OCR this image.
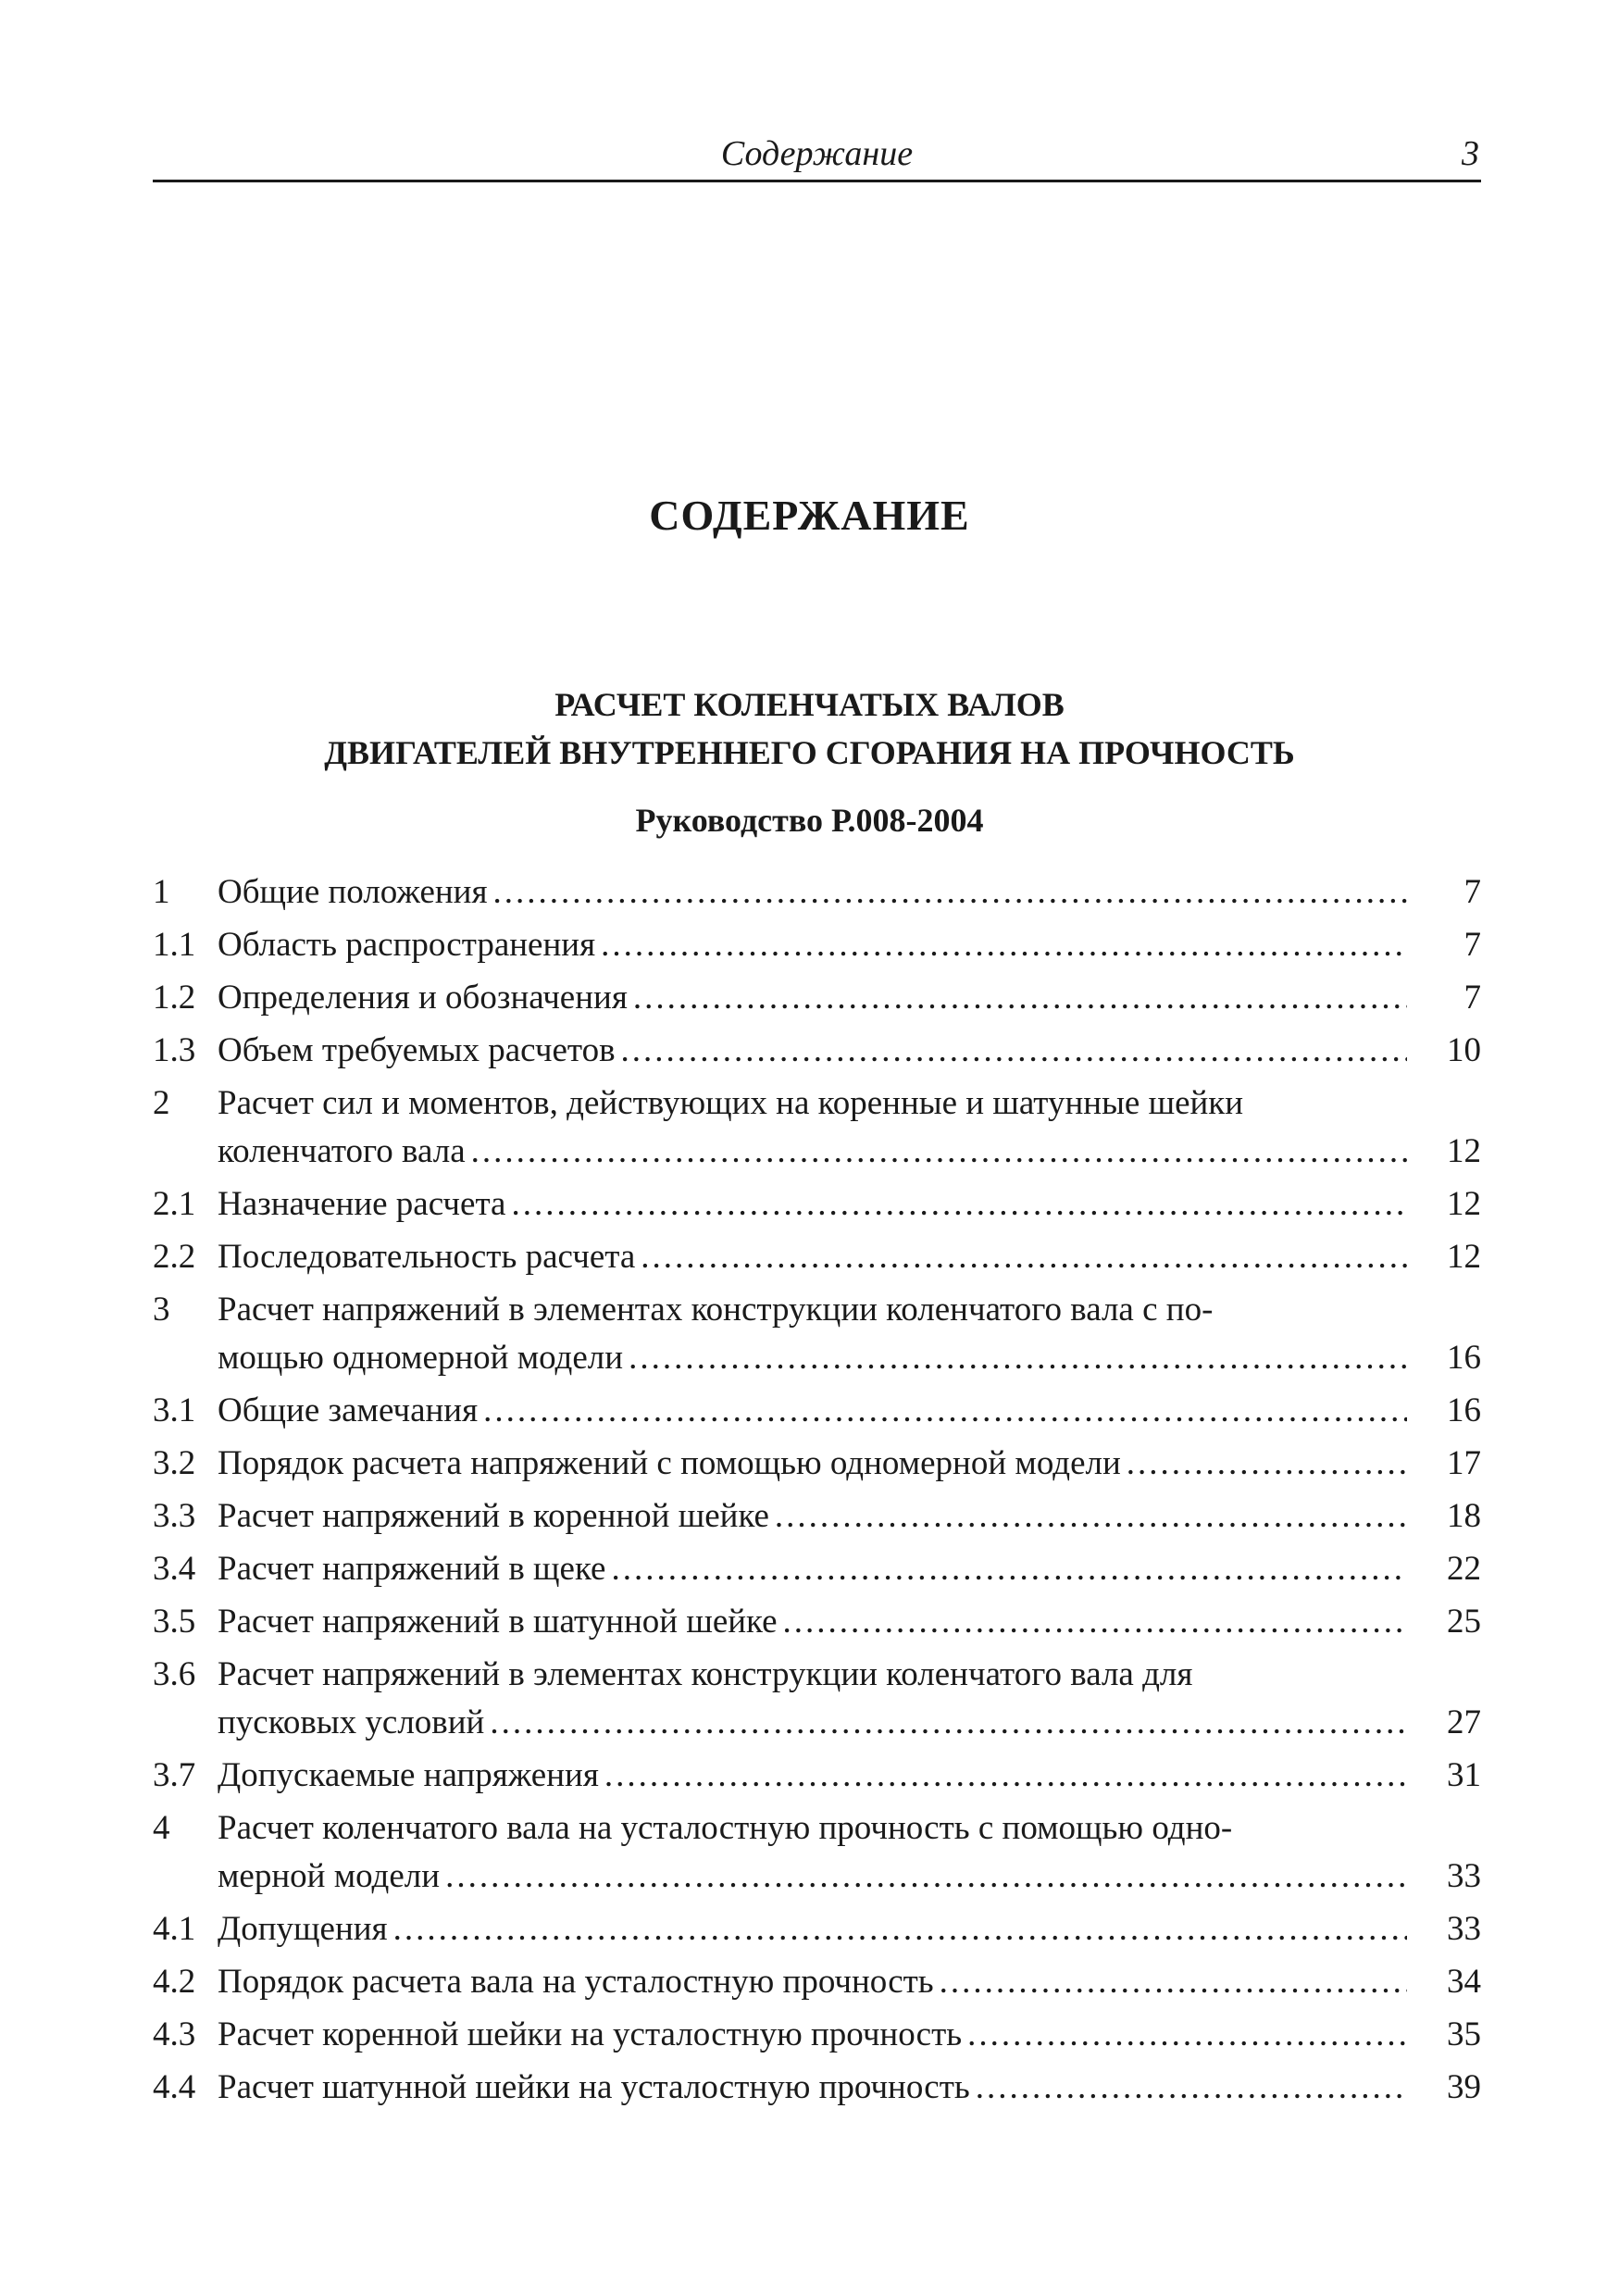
Содержание	3
СОДЕРЖАНИЕ
РАСЧЕТ КОЛЕНЧАТЫХ ВАЛОВ
ДВИГАТЕЛЕЙ ВНУТРЕННЕГО СГОРАНИЯ НА ПРОЧНОСТЬ
Руководство Р.008-2004
1 Общие положения .....	7
1.1 Область распространения .....	7
1.2 Определения и обозначения .....	7
1.3 Объем требуемых расчетов .....	10
2 Расчет сил и моментов, действующих на коренные и шатунные шейки
коленчатого вала .....	12
2.1 Назначение расчета .....	12
2.2 Последовательность расчета .....	12
3 Расчет напряжений в элементах конструкции коленчатого вала с по-
мощью одномерной модели .....	16
3.1 Общие замечания .....	16
3.2 Порядок расчета напряжений с помощью одномерной модели .....	17
3.3 Расчет напряжений в коренной шейке .....	18
3.4 Расчет напряжений в щеке .....	22
3.5 Расчет напряжений в шатунной шейке .....	25
3.6 Расчет напряжений в элементах конструкции коленчатого вала для
пусковых условий .....	27
3.7 Допускаемые напряжения .....	31
4 Расчет коленчатого вала на усталостную прочность с помощью одно-
мерной модели .....	33
4.1 Допущения .....	33
4.2 Порядок расчета вала на усталостную прочность .....	34
4.3 Расчет коренной шейки на усталостную прочность .....	35
4.4 Расчет шатунной шейки на усталостную прочность .....	39
